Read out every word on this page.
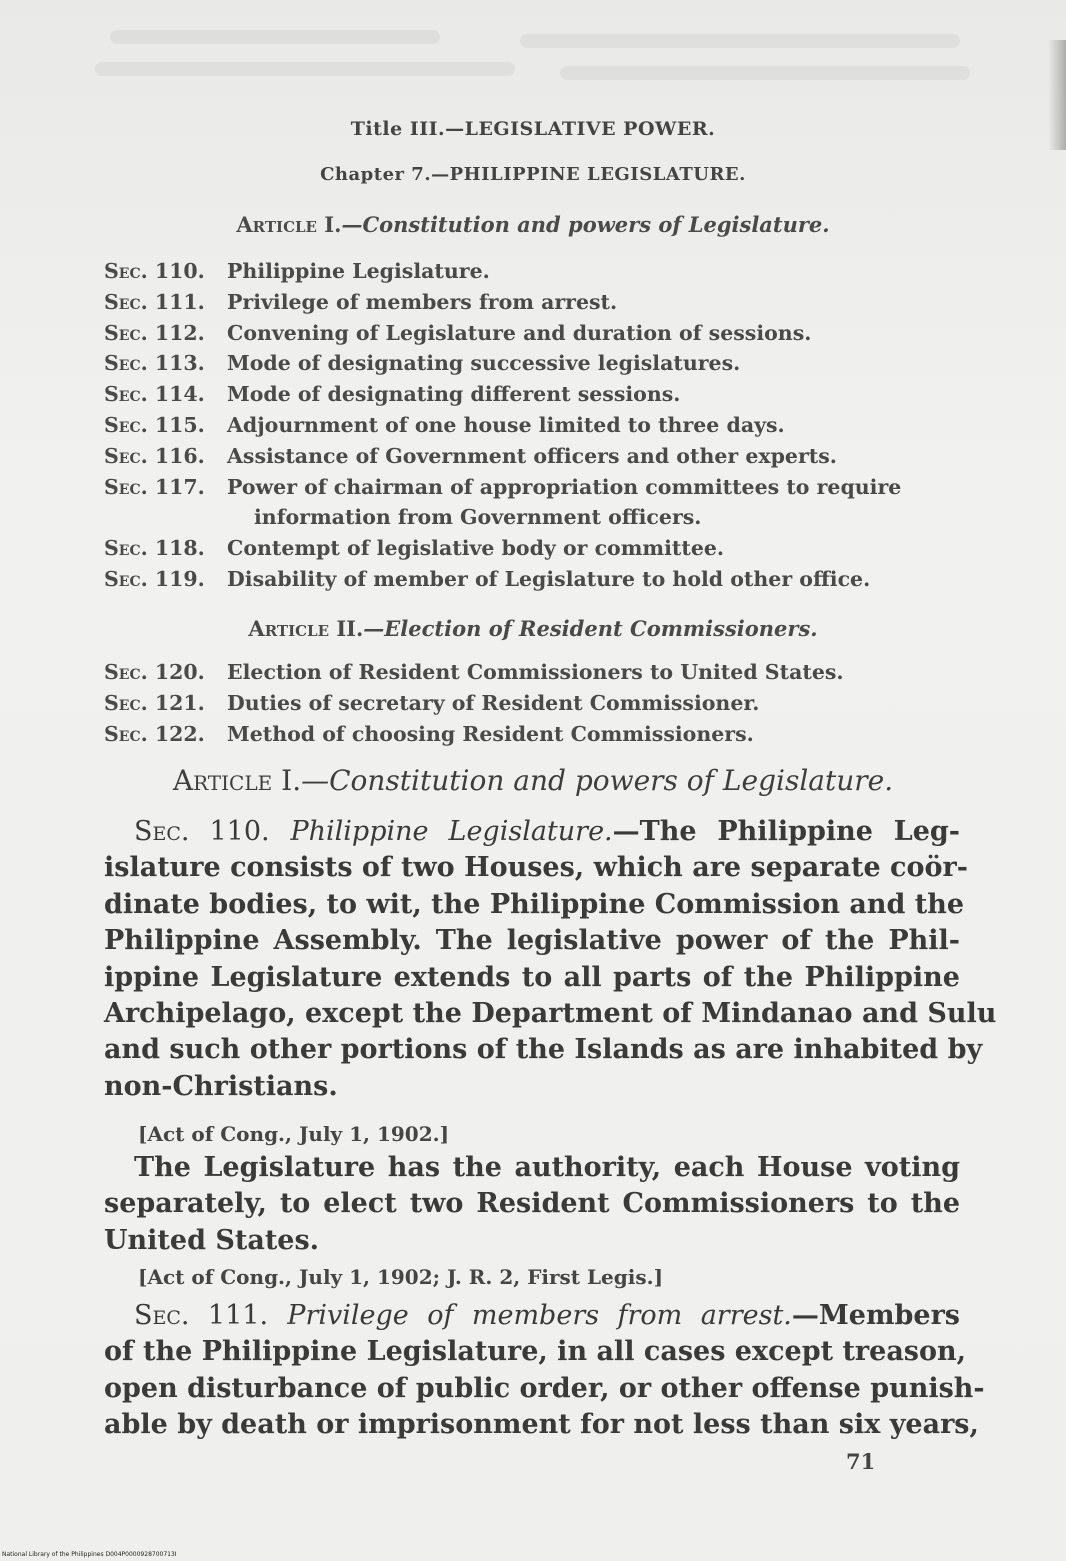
Title III.—LEGISLATIVE POWER.
Chapter 7.—PHILIPPINE LEGISLATURE.
Article I.—Constitution and powers of Legislature.
Sec. 110. Philippine Legislature.
Sec. 111. Privilege of members from arrest.
Sec. 112. Convening of Legislature and duration of sessions.
Sec. 113. Mode of designating successive legislatures.
Sec. 114. Mode of designating different sessions.
Sec. 115. Adjournment of one house limited to three days.
Sec. 116. Assistance of Government officers and other experts.
Sec. 117. Power of chairman of appropriation committees to require
information from Government officers.
Sec. 118. Contempt of legislative body or committee.
Sec. 119. Disability of member of Legislature to hold other office.
Article II.—Election of Resident Commissioners.
Sec. 120. Election of Resident Commissioners to United States.
Sec. 121. Duties of secretary of Resident Commissioner.
Sec. 122. Method of choosing Resident Commissioners.
Article I.—Constitution and powers of Legislature.
Sec. 110. Philippine Legislature.—The Philippine Leg-
islature consists of two Houses, which are separate coör-
dinate bodies, to wit, the Philippine Commission and the
Philippine Assembly. The legislative power of the Phil-
ippine Legislature extends to all parts of the Philippine
Archipelago, except the Department of Mindanao and Sulu
and such other portions of the Islands as are inhabited by
non-Christians.
[Act of Cong., July 1, 1902.]
The Legislature has the authority, each House voting
separately, to elect two Resident Commissioners to the
United States.
[Act of Cong., July 1, 1902; J. R. 2, First Legis.]
Sec. 111. Privilege of members from arrest.—Members
of the Philippine Legislature, in all cases except treason,
open disturbance of public order, or other offense punish-
able by death or imprisonment for not less than six years,
71
National Library of the Philippines D004P0000928700713I
